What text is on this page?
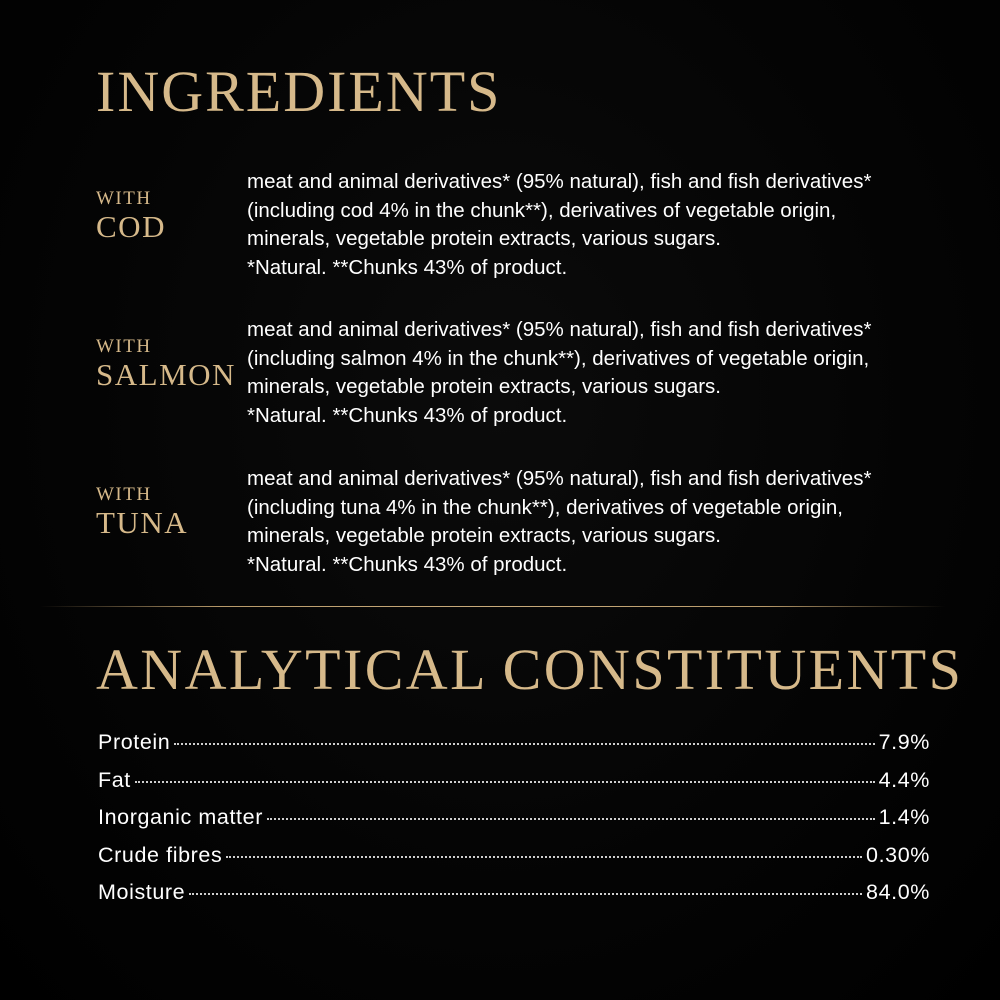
INGREDIENTS
WITH
COD

meat and animal derivatives* (95% natural), fish and fish derivatives*
(including cod 4% in the chunk**), derivatives of vegetable origin,
minerals, vegetable protein extracts, various sugars.
*Natural. **Chunks 43% of product.

WITH
SALMON

meat and animal derivatives* (95% natural), fish and fish derivatives*
(including salmon 4% in the chunk**), derivatives of vegetable origin,
minerals, vegetable protein extracts, various sugars.
*Natural. **Chunks 43% of product.

WITH
TUNA

meat and animal derivatives* (95% natural), fish and fish derivatives*
(including tuna 4% in the chunk**), derivatives of vegetable origin,
minerals, vegetable protein extracts, various sugars.
*Natural. **Chunks 43% of product.

ANALYTICAL CONSTITUENTS
Protein	7.9%
Fat	4.4%
Inorganic matter	1.4%
Crude fibres	0.30%
Moisture	84.0%
